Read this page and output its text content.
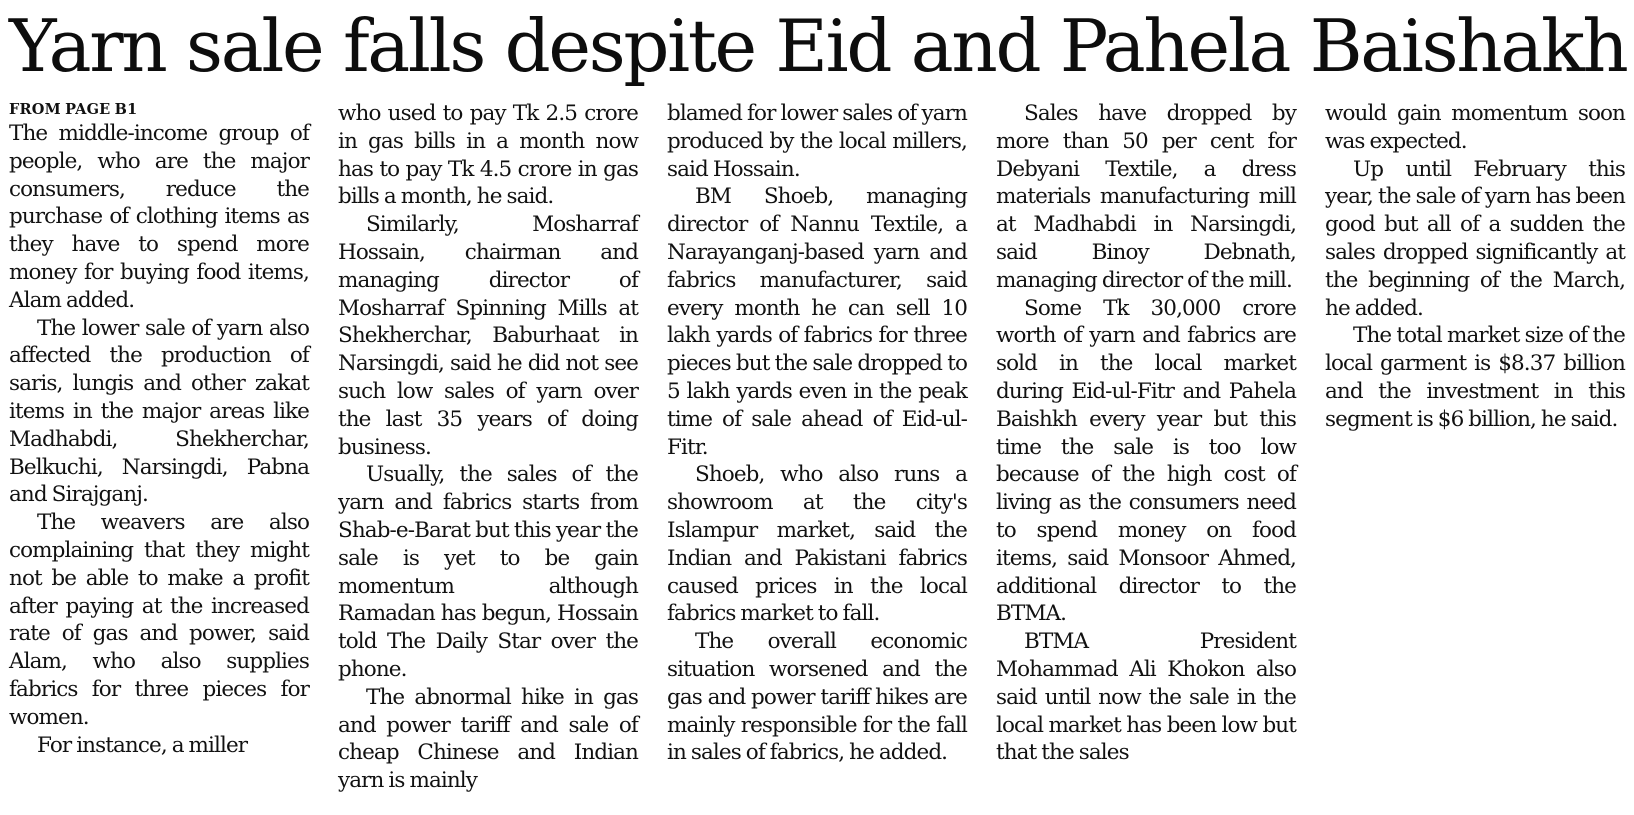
Yarn sale falls despite Eid and Pahela Baishakh
FROM PAGE B1

The middle-income group of people, who are the major consumers, reduce the purchase of clothing items as they have to spend more money for buying food items, Alam added.

The lower sale of yarn also affected the production of saris, lungis and other zakat items in the major areas like Madhabdi, Shekherchar, Belkuchi, Narsingdi, Pabna and Sirajganj.

The weavers are also complaining that they might not be able to make a profit after paying at the increased rate of gas and power, said Alam, who also supplies fabrics for three pieces for women.

For instance, a miller

who used to pay Tk 2.5 crore in gas bills in a month now has to pay Tk 4.5 crore in gas bills a month, he said.

Similarly, Mosharraf Hossain, chairman and managing director of Mosharraf Spinning Mills at Shekherchar, Baburhaat in Narsingdi, said he did not see such low sales of yarn over the last 35 years of doing business.

Usually, the sales of the yarn and fabrics starts from Shab-e-Barat but this year the sale is yet to be gain momentum although Ramadan has begun, Hossain told The Daily Star over the phone.

The abnormal hike in gas and power tariff and sale of cheap Chinese and Indian yarn is mainly

blamed for lower sales of yarn produced by the local millers, said Hossain.

BM Shoeb, managing director of Nannu Textile, a Narayanganj-based yarn and fabrics manufacturer, said every month he can sell 10 lakh yards of fabrics for three pieces but the sale dropped to 5 lakh yards even in the peak time of sale ahead of Eid-ul-Fitr.

Shoeb, who also runs a showroom at the city's Islampur market, said the Indian and Pakistani fabrics caused prices in the local fabrics market to fall.

The overall economic situation worsened and the gas and power tariff hikes are mainly responsible for the fall in sales of fabrics, he added.

Sales have dropped by more than 50 per cent for Debyani Textile, a dress materials manufacturing mill at Madhabdi in Narsingdi, said Binoy Debnath, managing director of the mill.

Some Tk 30,000 crore worth of yarn and fabrics are sold in the local market during Eid-ul-Fitr and Pahela Baishkh every year but this time the sale is too low because of the high cost of living as the consumers need to spend money on food items, said Monsoor Ahmed, additional director to the BTMA.

BTMA President Mohammad Ali Khokon also said until now the sale in the local market has been low but that the sales

would gain momentum soon was expected.

Up until February this year, the sale of yarn has been good but all of a sudden the sales dropped significantly at the beginning of the March, he added.

The total market size of the local garment is $8.37 billion and the investment in this segment is $6 billion, he said.
